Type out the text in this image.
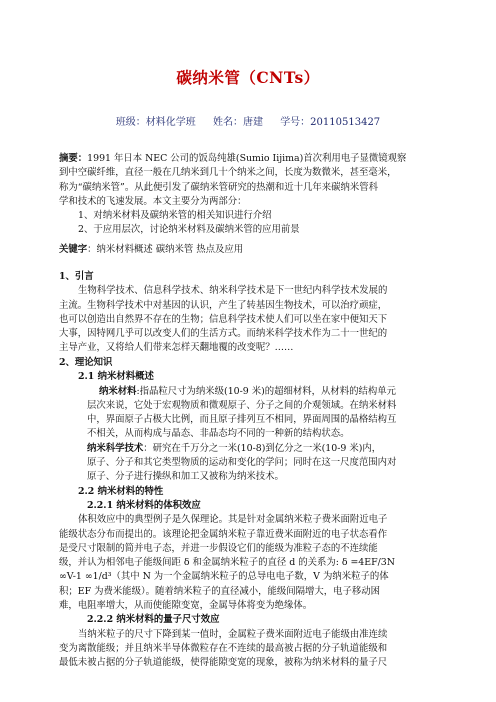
碳纳米管（CNTs）
班级：材料化学班 姓名：唐建 学号：20110513427
摘要：1991 年日本 NEC 公司的饭岛纯雄(Sumio Iijima)首次利用电子显微镜观察
到中空碳纤维，直径一般在几纳米到几十个纳米之间，长度为数微米，甚至毫米，
称为“碳纳米管”。从此便引发了碳纳米管研究的热潮和近十几年来碳纳米管科
学和技术的飞速发展。本文主要分为两部分：
1、对纳米材料及碳纳米管的相关知识进行介绍
2、于应用层次，讨论纳米材料及碳纳米管的应用前景
关键字：纳米材料概述 碳纳米管 热点及应用
1、引言
生物科学技术、信息科学技术、纳米科学技术是下一世纪内科学技术发展的
主流。生物科学技术中对基因的认识，产生了转基因生物技术，可以治疗顽症，
也可以创造出自然界不存在的生物；信息科学技术使人们可以坐在家中便知天下
大事，因特网几乎可以改变人们的生活方式。而纳米科学技术作为二十一世纪的
主导产业，又将给人们带来怎样天翻地覆的改变呢？……
2、理论知识
2.1 纳米材料概述
纳米材料:指晶粒尺寸为纳米级(10-9 米)的超细材料，从材料的结构单元
层次来说，它处于宏观物质和微观原子、分子之间的介观领域。在纳米材料
中，界面原子占极大比例，而且原子排列互不相同，界面周围的晶格结构互
不相关，从而构成与晶态、非晶态均不同的一种新的结构状态。
纳米科学技术：研究在千万分之一米(10-8)到亿分之一米(10-9 米)内，
原子、分子和其它类型物质的运动和变化的学问；同时在这一尺度范围内对
原子、分子进行操纵和加工又被称为纳米技术。
2.2 纳米材料的特性
2.2.1 纳米材料的体积效应
体积效应中的典型例子是久保理论。其是针对金属纳米粒子费米面附近电子
能级状态分布而提出的。该理论把金属纳米粒子靠近费米面附近的电子状态看作
是受尺寸限制的简并电子态，并进一步假设它们的能级为准粒子态的不连续能
级，并认为相邻电子能级间距 δ 和金属纳米粒子的直径 d 的关系为: δ =4EF/3N
∞V-1 ∞1/d³（其中 N 为一个金属纳米粒子的总导电电子数，V 为纳米粒子的体
积；EF 为费米能级）。随着纳米粒子的直径减小，能级间隔增大，电子移动困
难，电阻率增大，从而使能隙变宽，金属导体将变为绝缘体。
2.2.2 纳米材料的量子尺寸效应
当纳米粒子的尺寸下降到某一值时，金属粒子费米面附近电子能级由准连续
变为离散能级；并且纳米半导体微粒存在不连续的最高被占据的分子轨道能级和
最低未被占据的分子轨道能级，使得能隙变宽的现象，被称为纳米材料的量子尺
